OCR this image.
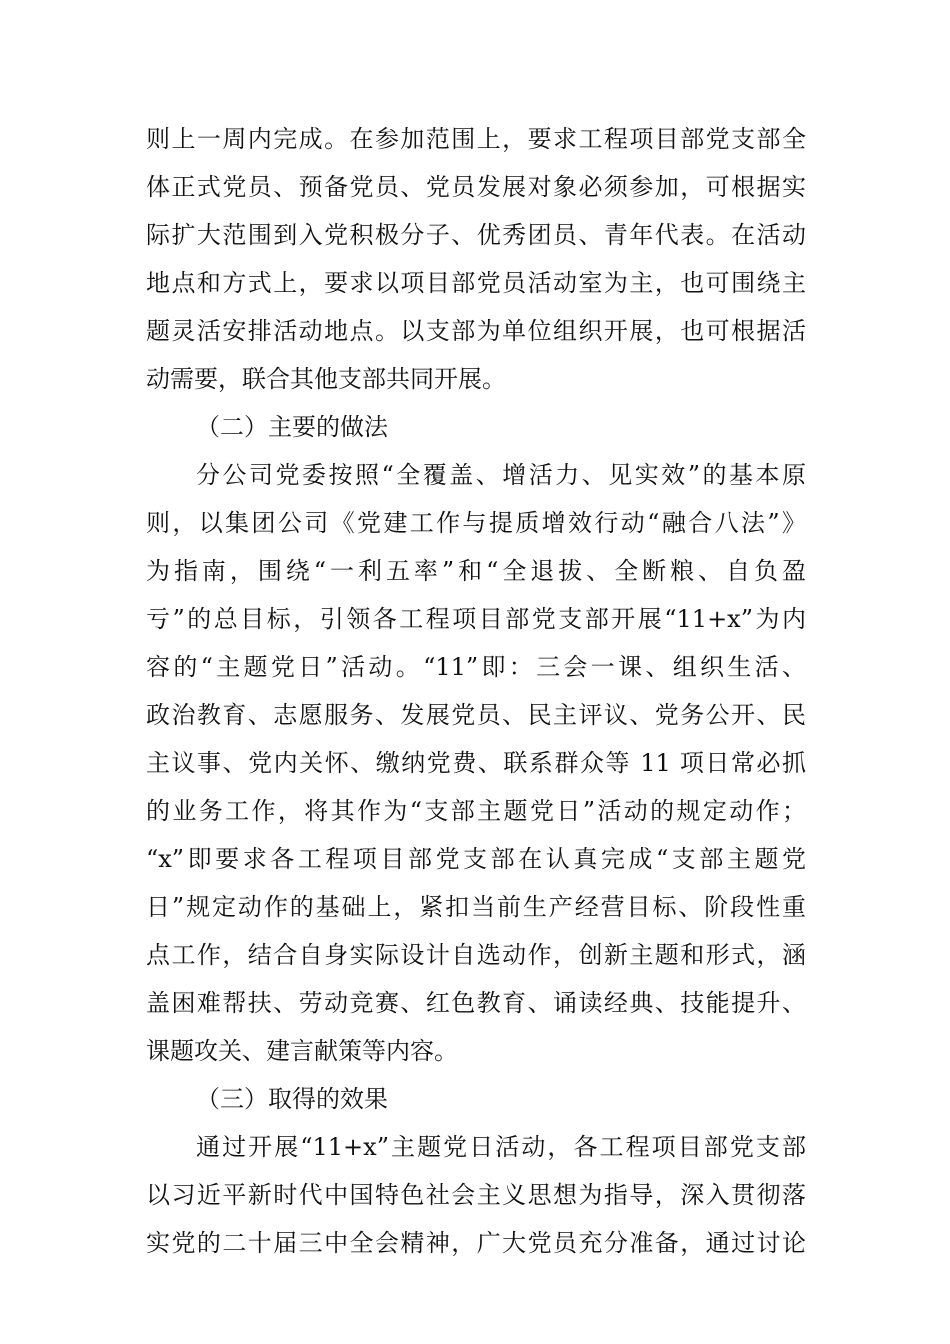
则上一周内完成。在参加范围上，要求工程项目部党支部全
体正式党员、预备党员、党员发展对象必须参加，可根据实
际扩大范围到入党积极分子、优秀团员、青年代表。在活动
地点和方式上，要求以项目部党员活动室为主，也可围绕主
题灵活安排活动地点。以支部为单位组织开展，也可根据活
动需要，联合其他支部共同开展。
（二）主要的做法
分公司党委按照“全覆盖、增活力、见实效”的基本原
则，以集团公司《党建工作与提质增效行动“融合八法”》
为指南，围绕“一利五率”和“全退拔、全断粮、自负盈
亏”的总目标，引领各工程项目部党支部开展“11+x”为内
容的“主题党日”活动。“11”即：三会一课、组织生活、
政治教育、志愿服务、发展党员、民主评议、党务公开、民
主议事、党内关怀、缴纳党费、联系群众等 11 项日常必抓
的业务工作，将其作为“支部主题党日”活动的规定动作；
“x”即要求各工程项目部党支部在认真完成“支部主题党
日”规定动作的基础上，紧扣当前生产经营目标、阶段性重
点工作，结合自身实际设计自选动作，创新主题和形式，涵
盖困难帮扶、劳动竞赛、红色教育、诵读经典、技能提升、
课题攻关、建言献策等内容。
（三）取得的效果
通过开展“11+x”主题党日活动，各工程项目部党支部
以习近平新时代中国特色社会主义思想为指导，深入贯彻落
实党的二十届三中全会精神，广大党员充分准备，通过讨论
